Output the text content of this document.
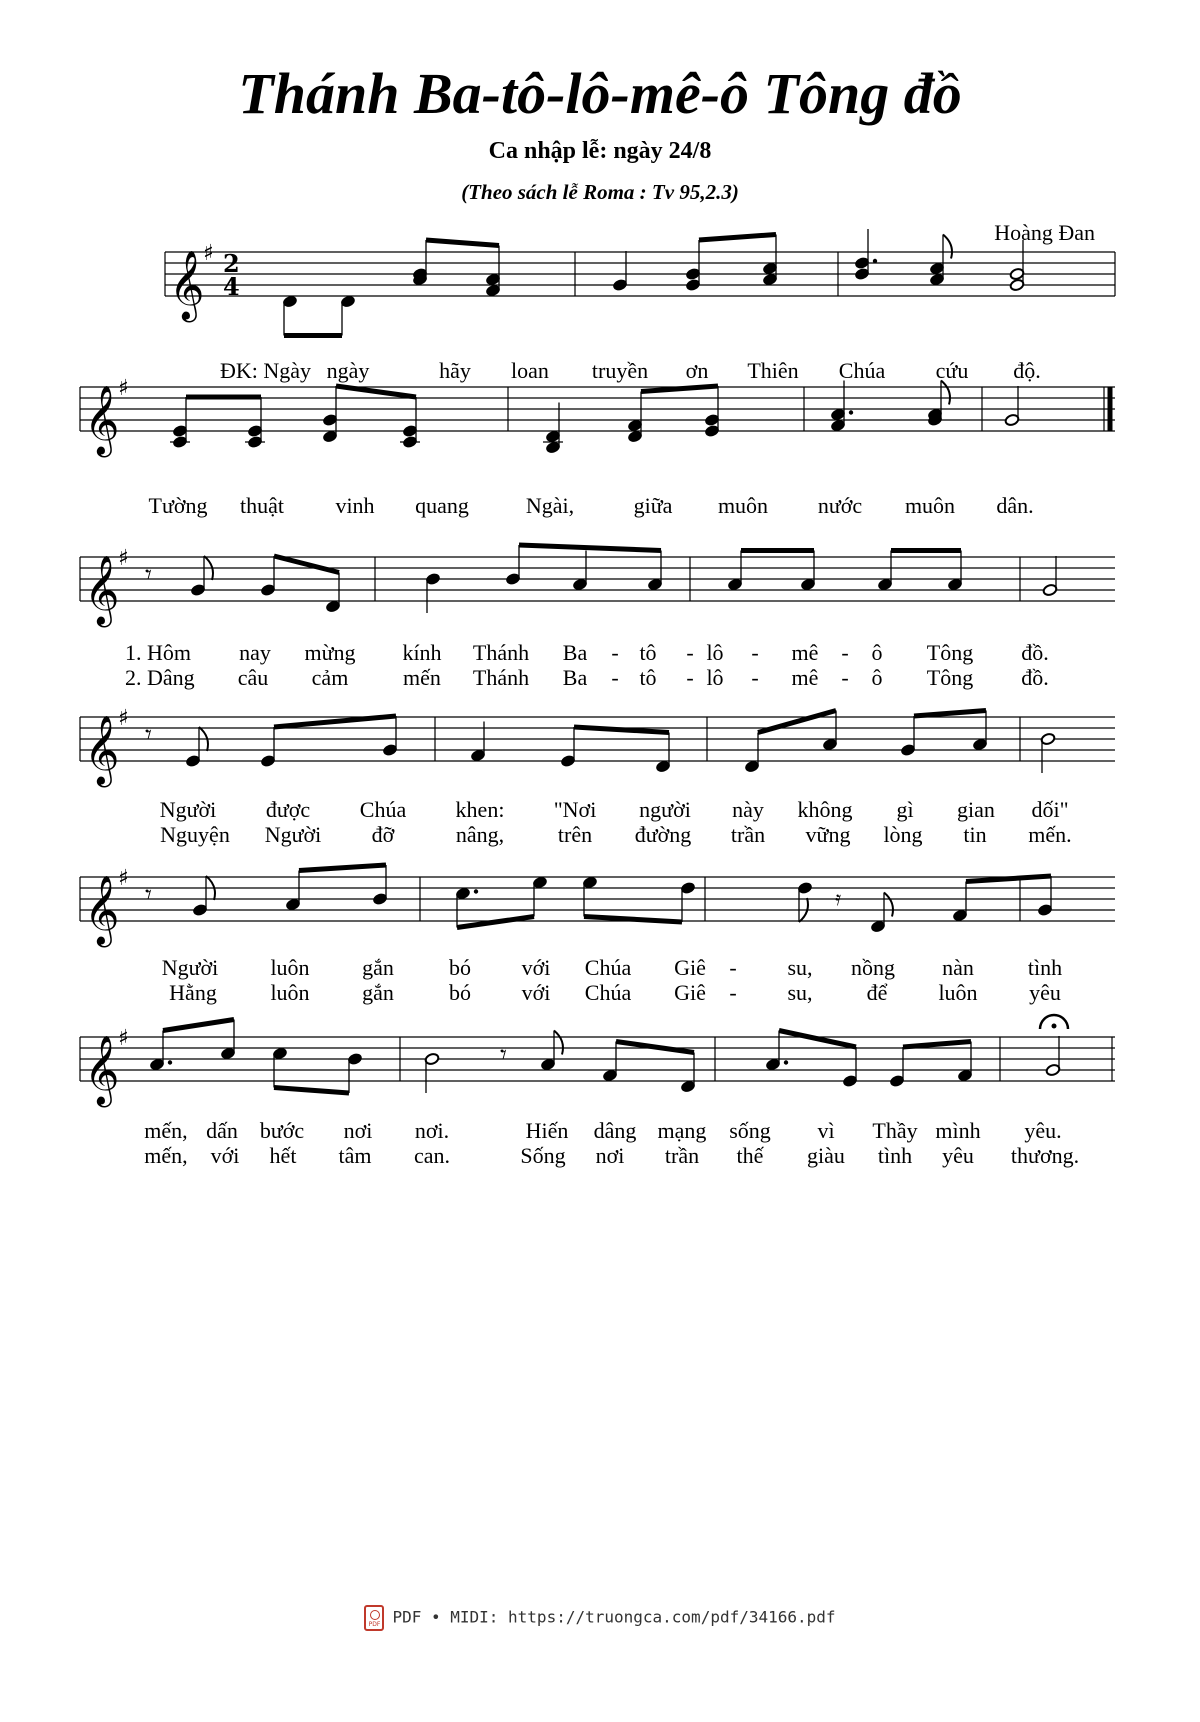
Thánh Ba-tô-lô-mê-ô Tông đồ
Ca nhập lễ: ngày 24/8
(Theo sách lễ Roma : Tv 95,2.3)
Hoàng Đan
𝄞
♯ 2
4
𝄞
♯
𝄞
♯
𝄞
♯
𝄞
♯
𝄞
♯
𝄾
𝄾
𝄾	𝄿
𝄾
ĐK: Ngày ngày	hãy loan truyền ơn Thiên Chúa cứu độ.
Tường thuật vinh quang	Ngài,	giữa muôn nước muôn dân.
1. Hôm nay mừng kính Thánh Ba - tô - lô - mê - ô Tông đồ.
2. Dâng câu cảm mến Thánh Ba - tô - lô - mê - ô Tông đồ.
Người được Chúa khen: "Nơi người này không gì gian dối"
Nguyện Người đỡ	nâng, trên đường trần vững lòng tin mến.
Người luôn gắn	bó với Chúa Giê - su, nồng nàn tình
Hằng luôn gắn	bó với Chúa Giê - su, để luôn yêu
mến, dấn bước nơi nơi.	Hiến dâng mạng sống vì Thầy mình yêu.
mến, với hết tâm can.	Sống nơi trần thế giàu tình yêu thương.
PDFPDF • MIDI: https://truongca.com/pdf/34166.pdf
